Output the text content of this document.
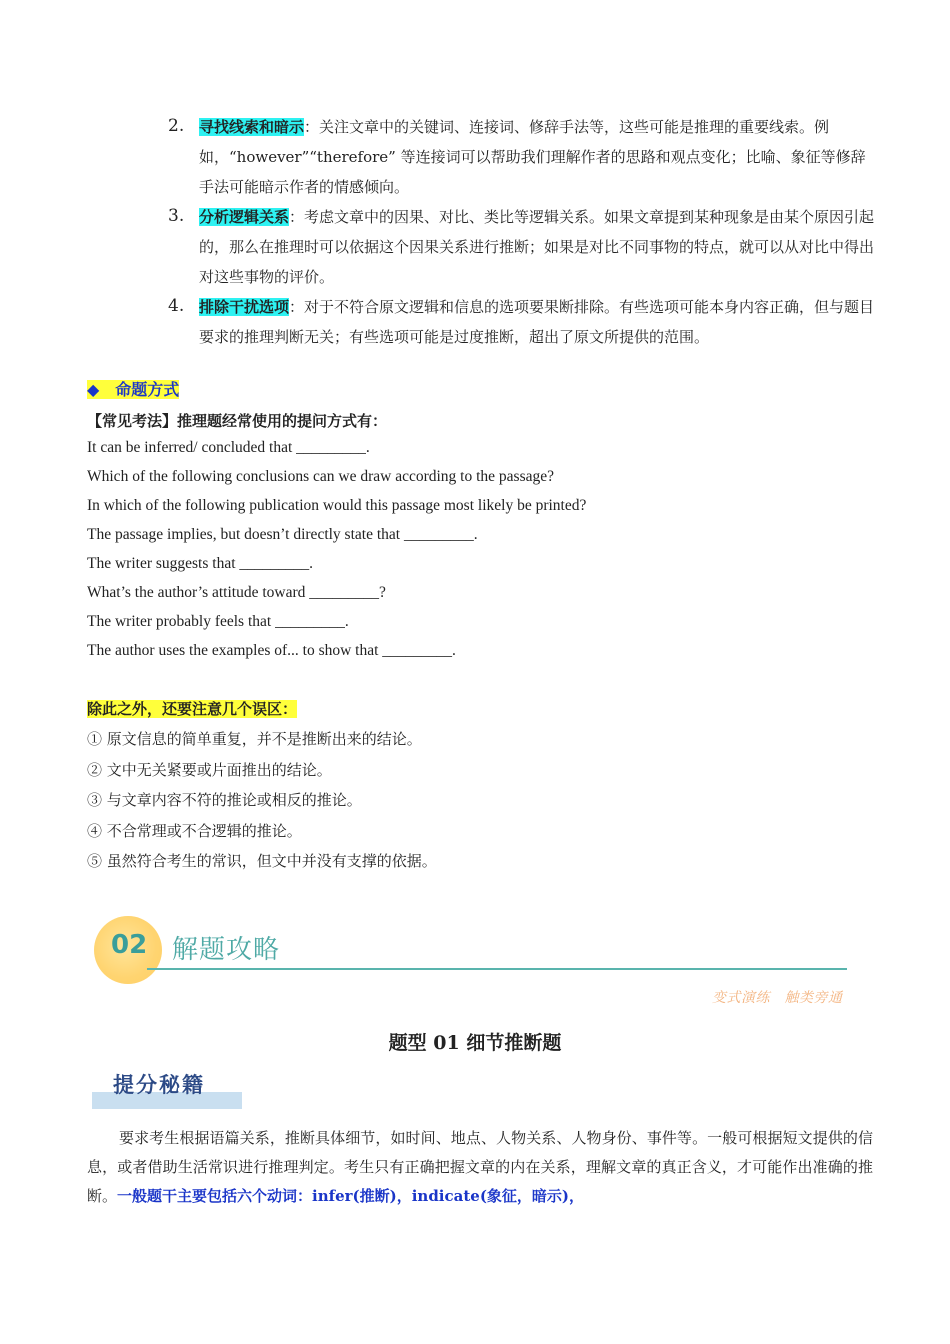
2. 寻找线索和暗示：关注文章中的关键词、连接词、修辞手法等，这些可能是推理的重要线索。例如，“however”“therefore” 等连接词可以帮助我们理解作者的思路和观点变化；比喻、象征等修辞手法可能暗示作者的情感倾向。
3. 分析逻辑关系：考虑文章中的因果、对比、类比等逻辑关系。如果文章提到某种现象是由某个原因引起的，那么在推理时可以依据这个因果关系进行推断；如果是对比不同事物的特点，就可以从对比中得出对这些事物的评价。
4. 排除干扰选项：对于不符合原文逻辑和信息的选项要果断排除。有些选项可能本身内容正确，但与题目要求的推理判断无关；有些选项可能是过度推断，超出了原文所提供的范围。
◆　命题方式
【常见考法】推理题经常使用的提问方式有：
It can be inferred/ concluded that _________.
Which of the following conclusions can we draw according to the passage?
In which of the following publication would this passage most likely be printed?
The passage implies, but doesn’t directly state that _________.
The writer suggests that _________.
What’s the author’s attitude toward _________?
The writer probably feels that _________.
The author uses the examples of... to show that _________.
除此之外，还要注意几个误区：
① 原文信息的简单重复，并不是推断出来的结论。
② 文中无关紧要或片面推出的结论。
③ 与文章内容不符的推论或相反的推论。
④ 不合常理或不合逻辑的推论。
⑤ 虽然符合考生的常识，但文中并没有支撑的依据。
02 解题攻略
变式演练　触类旁通
题型 01 细节推断题
提分秘籍
要求考生根据语篇关系，推断具体细节，如时间、地点、人物关系、人物身份、事件等。一般可根据短文提供的信息，或者借助生活常识进行推理判定。考生只有正确把握文章的内在关系，理解文章的真正含义，才可能作出准确的推断。一般题干主要包括六个动词：infer(推断)，indicate(象征，暗示)，
